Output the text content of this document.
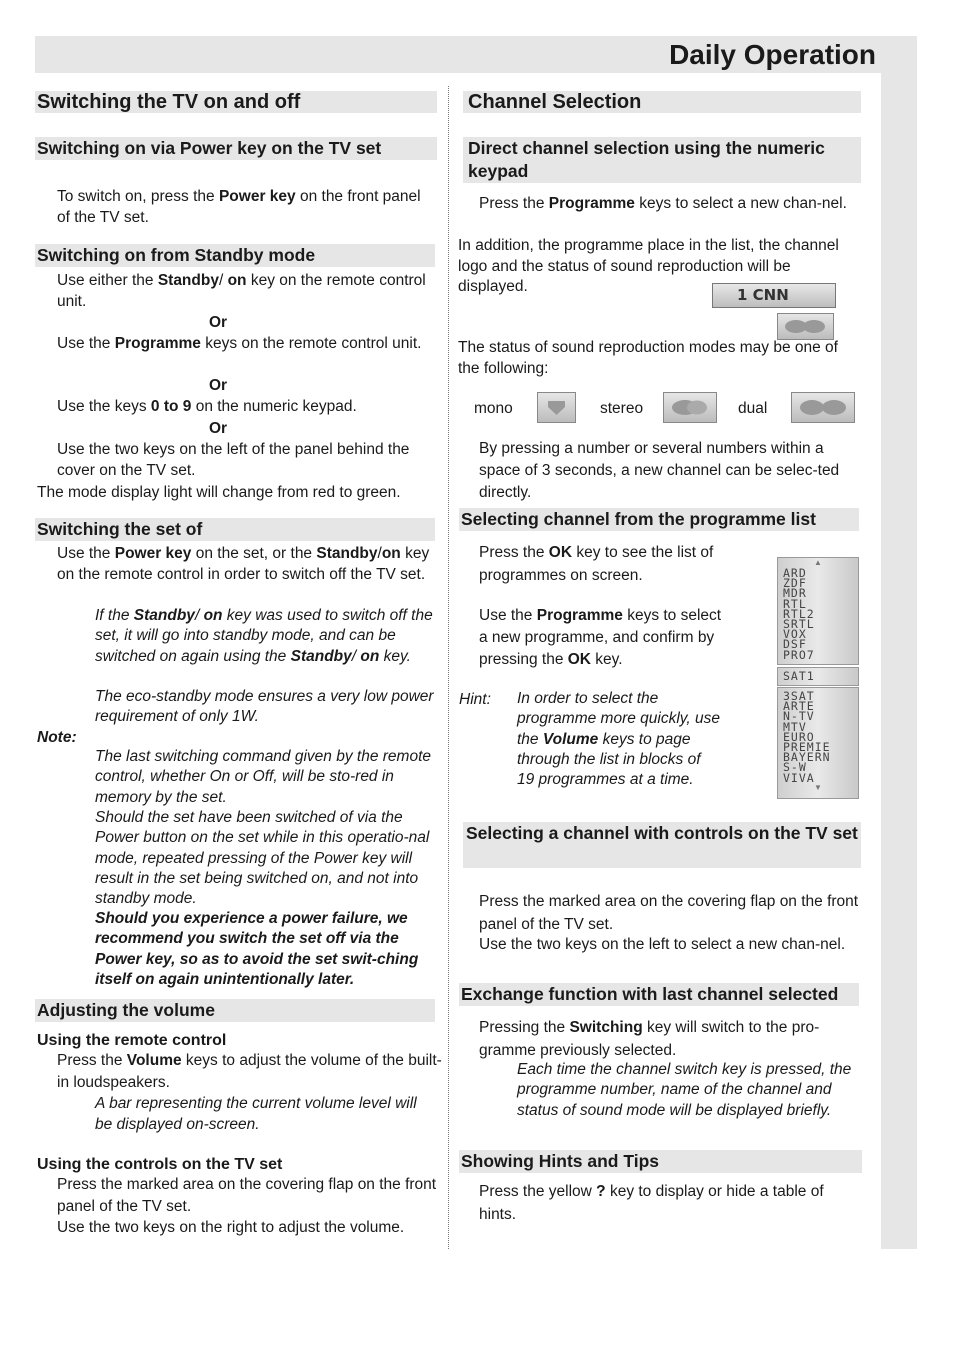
Daily Operation
Switching the TV on and off
Switching on via Power key on the TV set
To switch on, press the Power key on the front panel of the TV set.
Switching on from Standby mode
Use either the Standby/ on key on the remote control unit.
Or
Use the Programme keys on the remote control unit.
Or
Use the keys 0 to 9 on the numeric keypad.
Or
Use the two keys on the left of the panel behind the cover on the TV set.
The mode display light will change from red to green.
Switching the set of
Use the Power key on the set, or the Standby/on key on the remote control in order to switch off the TV set.
If the Standby/ on key was used to switch off the set, it will go into standby mode, and can be switched on again using the Standby/ on key.
The eco-standby mode ensures a very low power requirement of only 1W.
Note:
The last switching command given by the remote control, whether On or Off, will be sto-red in memory by the set.
Should the set have been switched of via the Power button on the set while in this operatio-nal mode, repeated pressing of the Power key will result in the set being switched on, and not into standby mode.
Should you experience a power failure, we recommend you switch the set off via the Power key, so as to avoid the set swit-ching itself on again unintentionally later.
Adjusting the volume
Using the remote control
Press the Volume keys to adjust the volume of the built-in loudspeakers.
A bar representing the current volume level will be displayed on-screen.
Using the controls on the TV set
Press the marked area on the covering flap on the front panel of the TV set.
Use the two keys on the right to adjust the volume.
Channel Selection
Direct channel selection using the numeric keypad
Press the Programme keys to select a new chan-nel.
In addition, the programme place in the list, the channel logo and the status of sound reproduction will be displayed.	1 CNN
The status of sound reproduction modes may be one of the following:
mono	stereo	dual
By pressing a number or several numbers within a space of 3 seconds, a new channel can be selec-ted directly.
Selecting channel from the programme list
Press the OK key to see the list of programmes on screen.
Use the Programme keys to select a new programme, and confirm by pressing the OK key.
Hint: In order to select the programme more quickly, use the Volume keys to page through the list in blocks of 19 programmes at a time.
▲
ARD
ZDF
MDR
RTL
RTL2
SRTL
VOX
DSF
PRO7
SAT1
3SAT
ARTE
N-TV
MTV
EURO
PREMIE
BAYERN
S-W
VIVA
▼
Selecting a channel with controls on the TV set
Press the marked area on the covering flap on the front panel of the TV set.
Use the two keys on the left to select a new chan-nel.
Exchange function with last channel selected
Pressing the Switching key will switch to the pro-gramme previously selected.
Each time the channel switch key is pressed, the programme number, name of the channel and status of sound mode will be displayed briefly.
Showing Hints and Tips
Press the yellow ? key to display or hide a table of hints.
